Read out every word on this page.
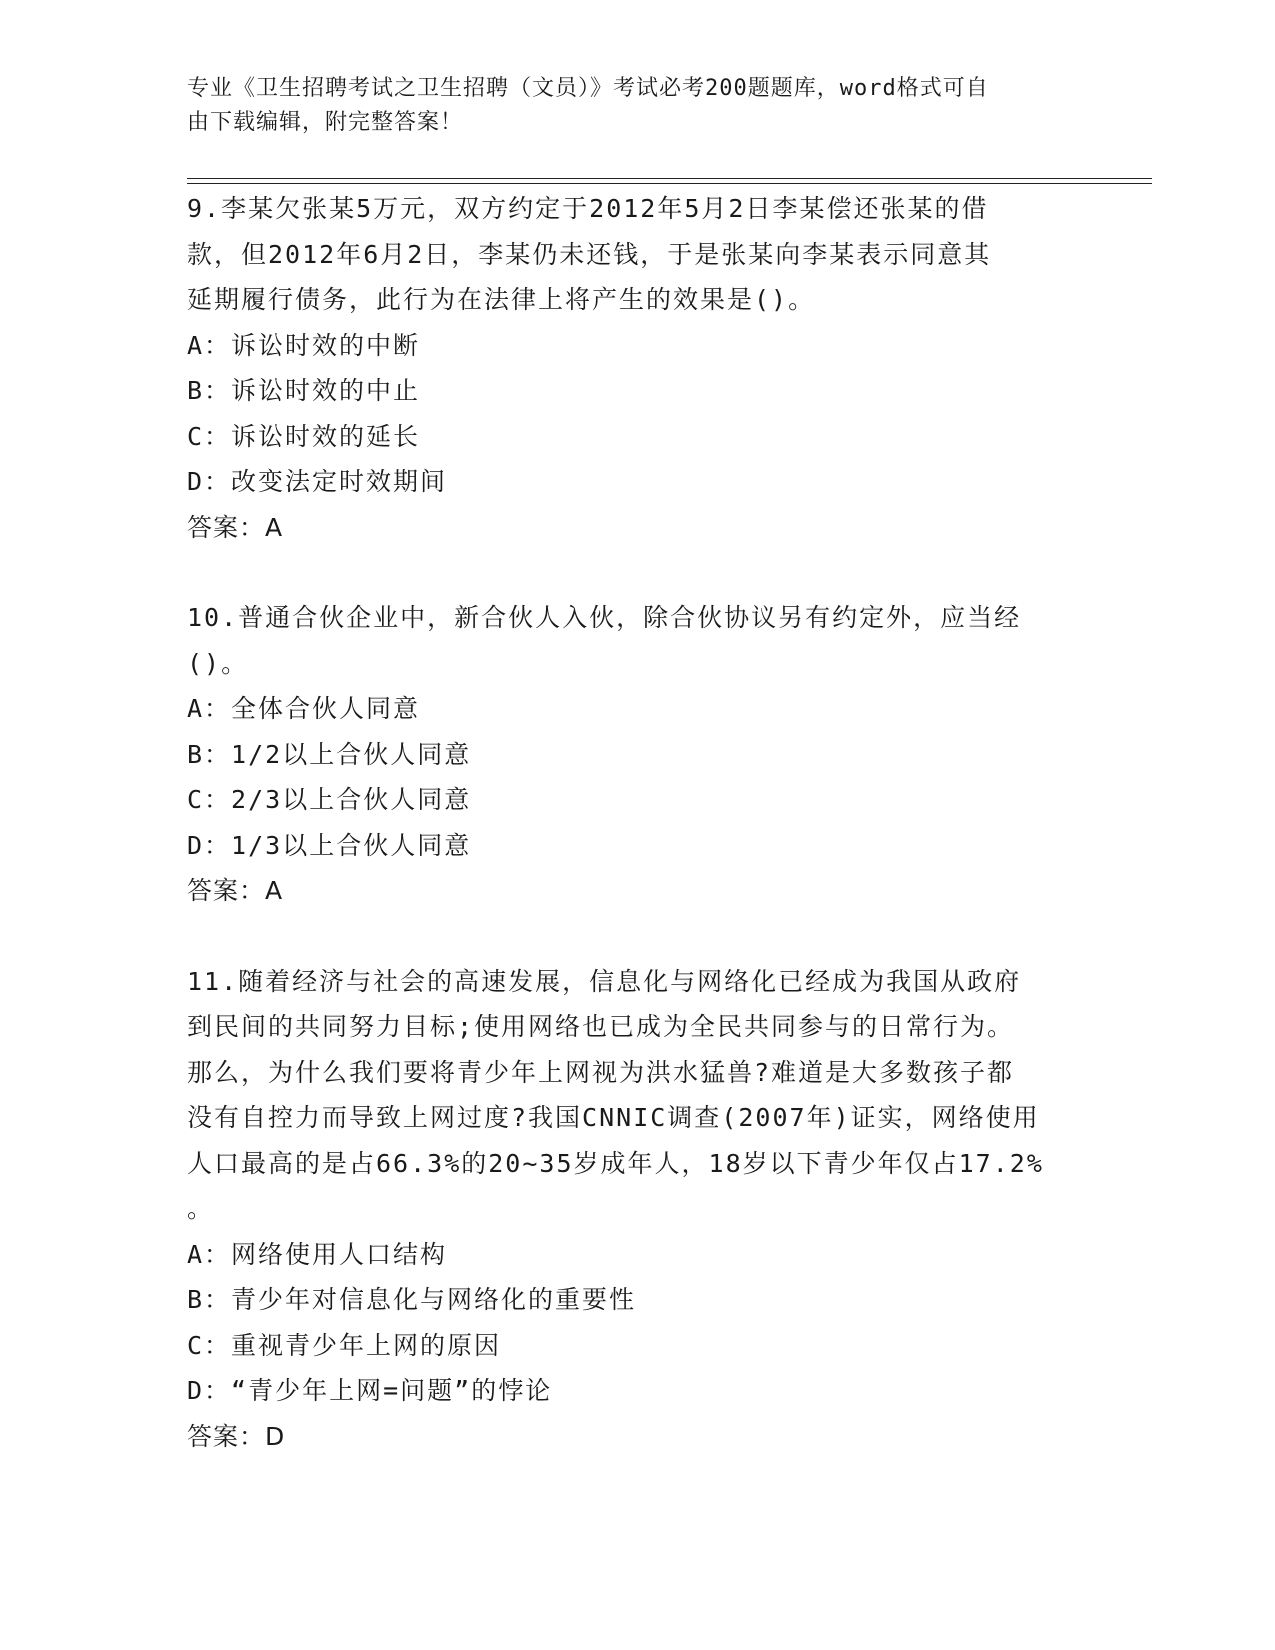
专业《卫生招聘考试之卫生招聘（文员）》考试必考200题题库，word格式可自
由下载编辑，附完整答案！
9.李某欠张某5万元，双方约定于2012年5月2日李某偿还张某的借
款，但2012年6月2日，李某仍未还钱，于是张某向李某表示同意其
延期履行债务，此行为在法律上将产生的效果是()。
A：诉讼时效的中断
B：诉讼时效的中止
C：诉讼时效的延长
D：改变法定时效期间
答案：A
10.普通合伙企业中，新合伙人入伙，除合伙协议另有约定外，应当经
()。
A：全体合伙人同意
B：1/2以上合伙人同意
C：2/3以上合伙人同意
D：1/3以上合伙人同意
答案：A
11.随着经济与社会的高速发展，信息化与网络化已经成为我国从政府
到民间的共同努力目标;使用网络也已成为全民共同参与的日常行为。
那么，为什么我们要将青少年上网视为洪水猛兽?难道是大多数孩子都
没有自控力而导致上网过度?我国CNNIC调查(2007年)证实，网络使用
人口最高的是占66.3%的20~35岁成年人，18岁以下青少年仅占17.2%
。
A：网络使用人口结构
B：青少年对信息化与网络化的重要性
C：重视青少年上网的原因
D：“青少年上网=问题”的悖论
答案：D
